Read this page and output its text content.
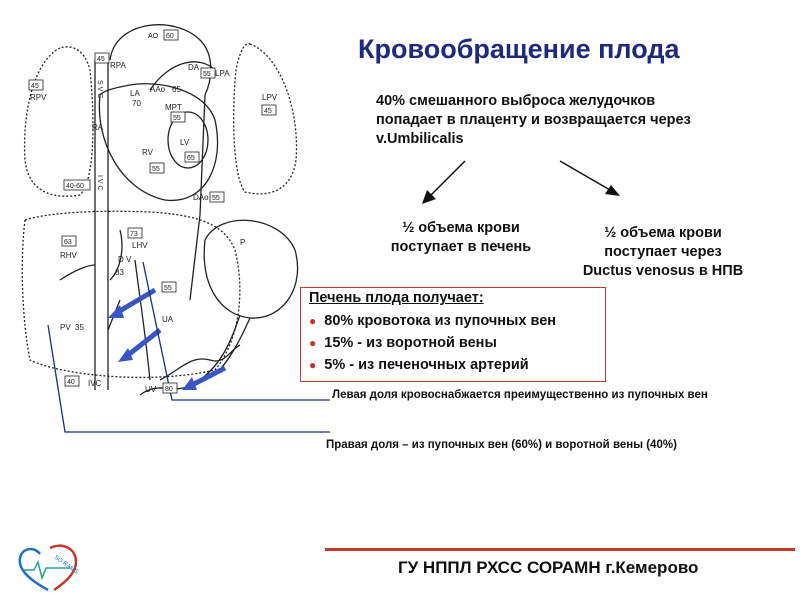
RPV	LPV
RPA	DA
LPA
LA
70
AAo 65
MPT
RA
RV
LV
DAo
RHV
LHV
D V
83
PV 35
IVC
UA
UV
P
S V C
I V C
60
45
45
45
55
55
65
55
40-60
55
63
73
40
55
80
AO	Кровообращение плода
40% смешанного выброса желудочков попадает в плаценту и возвращается через v.Umbilicalis
½ объема крови поступает в печень
½ объема крови поступает через Ductus venosus в НПВ
Печень плода получает:
● 80% кровотока из пупочных вен
● 15% - из воротной вены
● 5% - из печеночных артерий
Левая доля кровоснабжается преимущественно из пупочных вен
Правая доля – из пупочных вен (60%) и воротной вены (40%)
SO RAMS	ГУ НППЛ РХСС СОРАМН г.Кемерово
